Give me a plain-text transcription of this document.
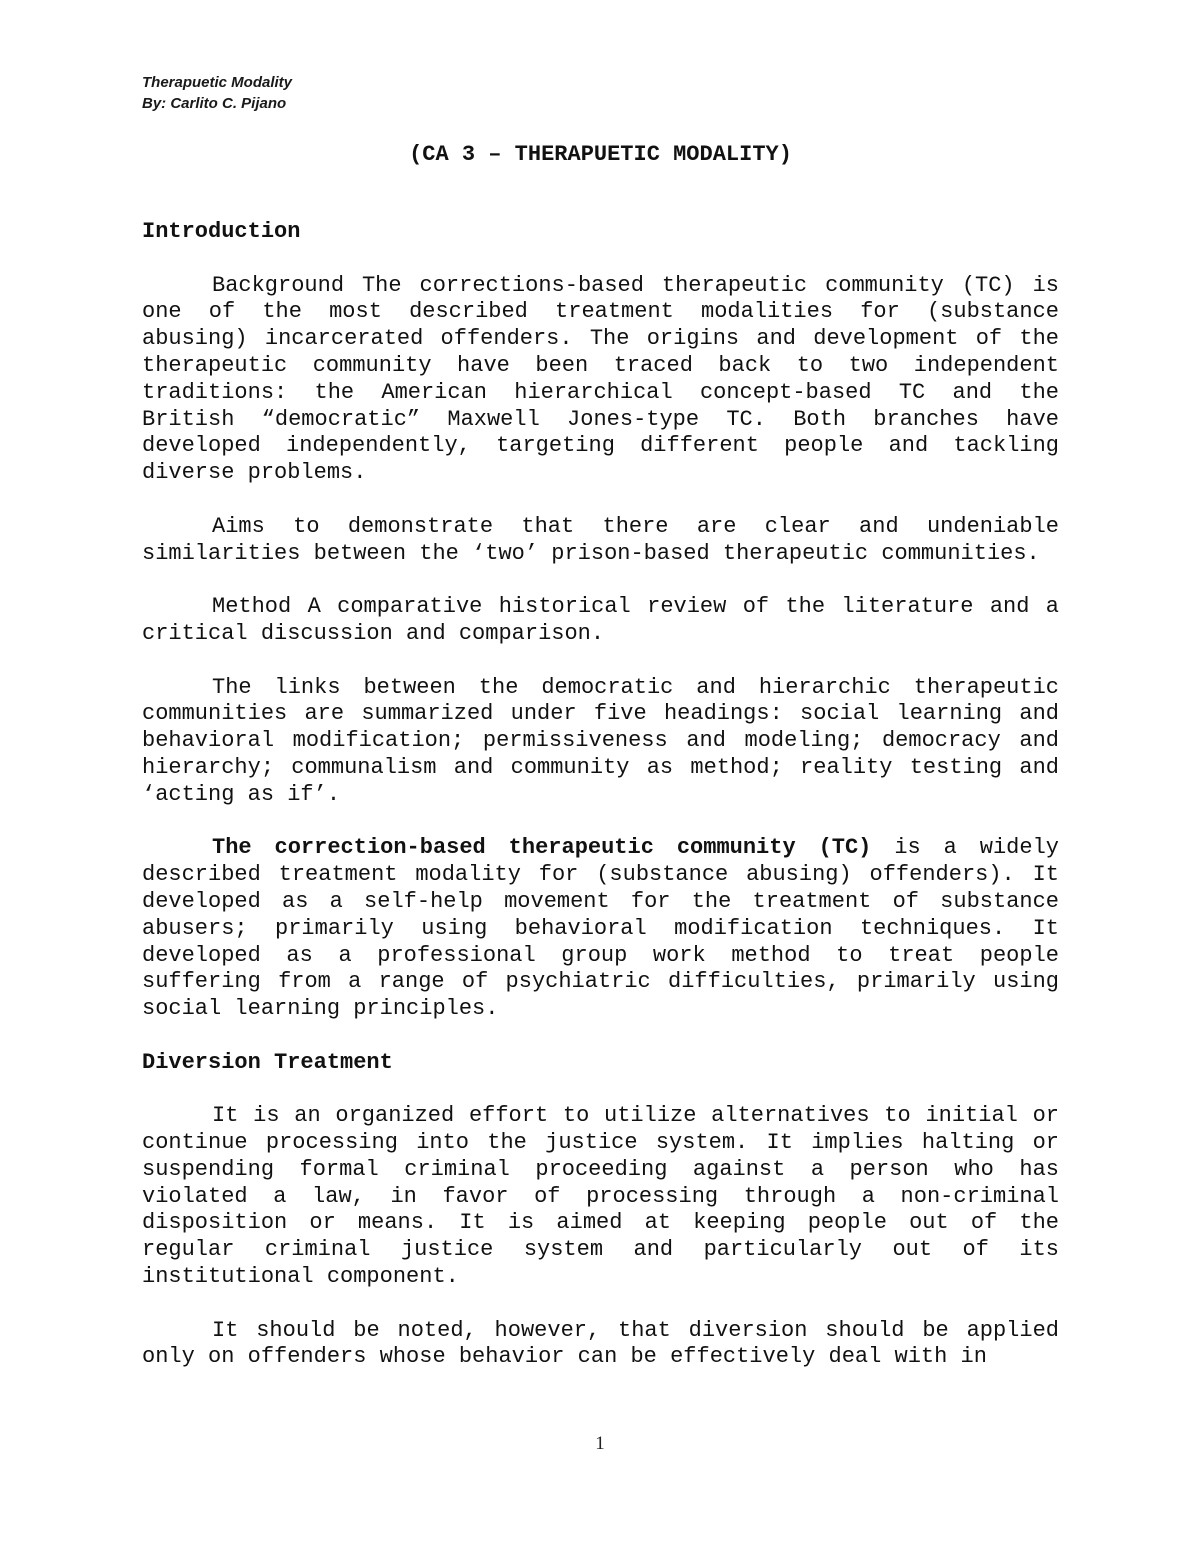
Therapuetic Modality
By: Carlito C. Pijano

(CA 3 – THERAPUETIC MODALITY)

Introduction

Background The corrections-based therapeutic community (TC) is one of the most described treatment modalities for (substance abusing) incarcerated offenders. The origins and development of the therapeutic community have been traced back to two independent traditions: the American hierarchical concept-based TC and the British “democratic” Maxwell Jones-type TC. Both branches have developed independently, targeting different people and tackling diverse problems.

Aims to demonstrate that there are clear and undeniable similarities between the ‘two’ prison-based therapeutic communities.

Method A comparative historical review of the literature and a critical discussion and comparison.

The links between the democratic and hierarchic therapeutic communities are summarized under five headings: social learning and behavioral modification; permissiveness and modeling; democracy and hierarchy; communalism and community as method; reality testing and ‘acting as if’.

The correction-based therapeutic community (TC) is a widely described treatment modality for (substance abusing) offenders). It developed as a self-help movement for the treatment of substance abusers; primarily using behavioral modification techniques. It developed as a professional group work method to treat people suffering from a range of psychiatric difficulties, primarily using social learning principles.

Diversion Treatment

It is an organized effort to utilize alternatives to initial or continue processing into the justice system. It implies halting or suspending formal criminal proceeding against a person who has violated a law, in favor of processing through a non-criminal disposition or means. It is aimed at keeping people out of the regular criminal justice system and particularly out of its institutional component.

It should be noted, however, that diversion should be applied only on offenders whose behavior can be effectively deal with in

1
